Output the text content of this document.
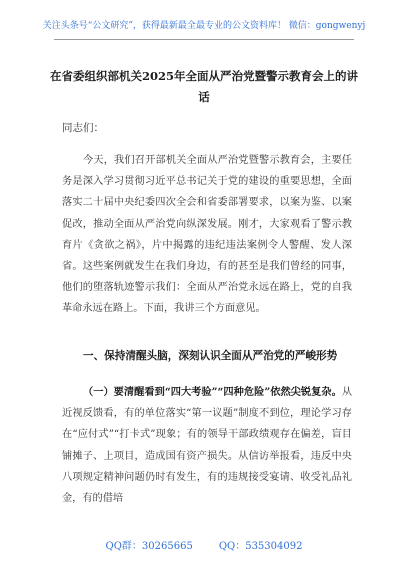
关注头条号“公文研究”，获得最新最全最专业的公文资料库！ 微信：gongwenyj
在省委组织部机关2025年全面从严治党暨警示教育会上的讲话
同志们：
今天，我们召开部机关全面从严治党暨警示教育会，主要任务是深入学习贯彻习近平总书记关于党的建设的重要思想，全面落实二十届中央纪委四次全会和省委部署要求，以案为鉴、以案促改，推动全面从严治党向纵深发展。刚才，大家观看了警示教育片《贪欲之祸》，片中揭露的违纪违法案例令人警醒、发人深省。这些案例就发生在我们身边，有的甚至是我们曾经的同事，他们的堕落轨迹警示我们：全面从严治党永远在路上，党的自我革命永远在路上。下面，我讲三个方面意见。
一、保持清醒头脑，深刻认识全面从严治党的严峻形势
（一）要清醒看到“四大考验”“四种危险”依然尖锐复杂。从近视反馈看，有的单位落实“第一议题”制度不到位，理论学习存在“应付式”“打卡式”现象；有的领导干部政绩观存在偏差，盲目铺摊子、上项目，造成国有资产损失。从信访举报看，违反中央八项规定精神问题仍时有发生，有的违规接受宴请、收受礼品礼金，有的借培
QQ群：30265665	QQ：535304092
